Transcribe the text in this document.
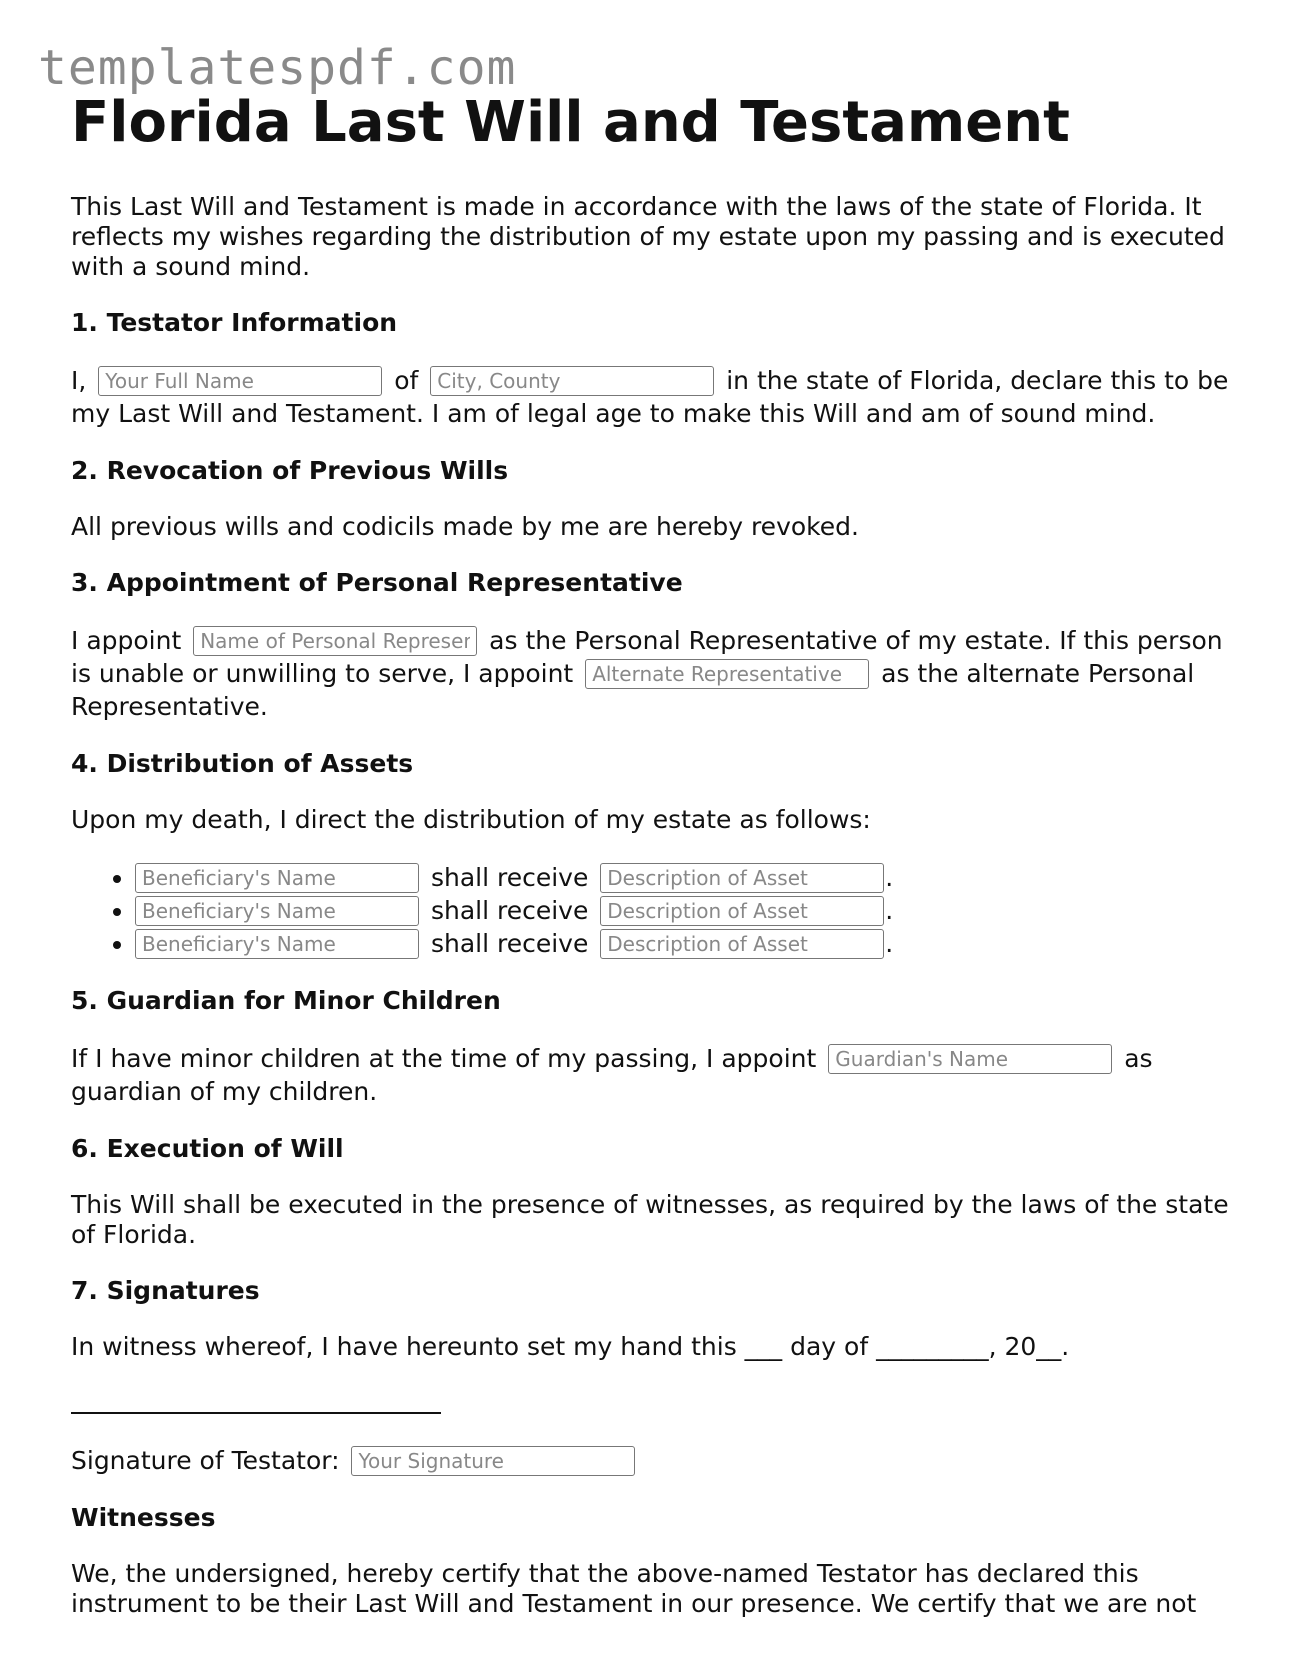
templatespdf.com
Florida Last Will and Testament

This Last Will and Testament is made in accordance with the laws of the state of Florida. It reflects my wishes regarding the distribution of my estate upon my passing and is executed with a sound mind.

1. Testator Information

I, Your Full Name	of City, County	in the state of Florida, declare this to be my Last Will and Testament. I am of legal age to make this Will and am of sound mind.

2. Revocation of Previous Wills

All previous wills and codicils made by me are hereby revoked.

3. Appointment of Personal Representative

I appoint Name of Personal Representative	as the Personal Representative of my estate. If this person is unable or unwilling to serve, I appoint Alternate Representative	as the alternate Personal Representative.

4. Distribution of Assets

Upon my death, I direct the distribution of my estate as follows:

Beneficiary's Name • shall receive Description of Asset	.
Beneficiary's Name • shall receive Description of Asset	.
Beneficiary's Name • shall receive Description of Asset	.
5. Guardian for Minor Children

If I have minor children at the time of my passing, I appoint Guardian's Name	as guardian of my children.

6. Execution of Will

This Will shall be executed in the presence of witnesses, as required by the laws of the state of Florida.

7. Signatures

In witness whereof, I have hereunto set my hand this ___ day of _________, 20__.

Signature of Testator: Your Signature

Witnesses

We, the undersigned, hereby certify that the above-named Testator has declared this instrument to be their Last Will and Testament in our presence. We certify that we are not
